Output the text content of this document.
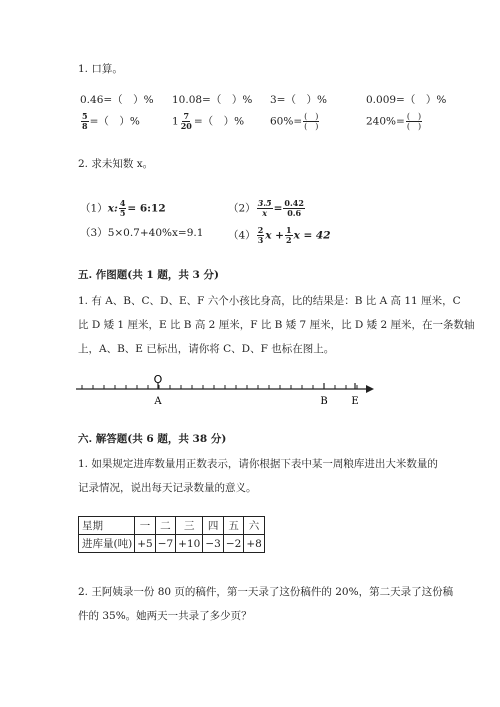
1. 口算。
0.46=（　）% 10.08=（　）% 3=（　）%	0.009=（　）%
$\frac{5}{8}$ =（　）%	$1 \frac{7}{20}$ =（　）% $60\%= \frac{( )}{( )}$	$240\%= \frac{( )}{( )}$
2. 求未知数 x。
（1）x: $\frac{4}{5}$ = 6:12	$(2) \frac{3.5}{x} = \frac{0.42}{0.6}$
（3）5×0.7+40%x=9.1 $(4) \frac{2}{3}$ $x + \frac{1}{2}$ x = 42
五. 作图题(共 1 题，共 3 分)
1. 有 A、B、C、D、E、F 六个小孩比身高，比的结果是：B 比 A 高 11 厘米，C
比 D 矮 1 厘米，E 比 B 高 2 厘米，F 比 B 矮 7 厘米，比 D 矮 2 厘米，在一条数轴
上，A、B、E 已标出，请你将 C、D、F 也标在图上。
O
A	B E
六. 解答题(共 6 题，共 38 分)
1. 如果规定进库数量用正数表示，请你根据下表中某一周粮库进出大米数量的
记录情况，说出每天记录数量的意义。
星期	一	二	三	四	五	六
进库量(吨)	+5	−7	+10	−3	−2	+8
2. 王阿姨录一份 80 页的稿件，第一天录了这份稿件的 20%，第二天录了这份稿
件的 35%。她两天一共录了多少页？
